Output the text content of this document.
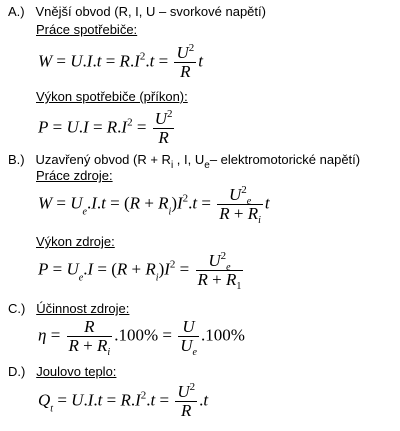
A.) Vnější obvod (R, I, U – svorkové napětí)
Práce spotřebiče:
$W = U.I.t = R.I^2.t = \frac{U^2}{R}$ t
Výkon spotřebiče (příkon):
$P = U.I = R.I^2 = \frac{U^2}{R}$
B.) Uzavřený obvod ($R + R_i$ , I, $U_e-$ elektromotorické napětí)
Práce zdroje:
$W = U_e.I.t = (R + R_i)I^2.t = \frac{U^2_e}{R + R_i}$ t
Výkon zdroje:
$P = U_e.I = (R + R_i)I^2 = \frac{U^2_e}{R + R_1}$
C.) Účinnost zdroje:
$\eta = \frac{R}{R + R_i} .100\% = \frac{U}{U_e} .100\%$
D.) Joulovo teplo:
$Q_t = U.I.t = R.I^2.t = \frac{U^2}{R} .t$
